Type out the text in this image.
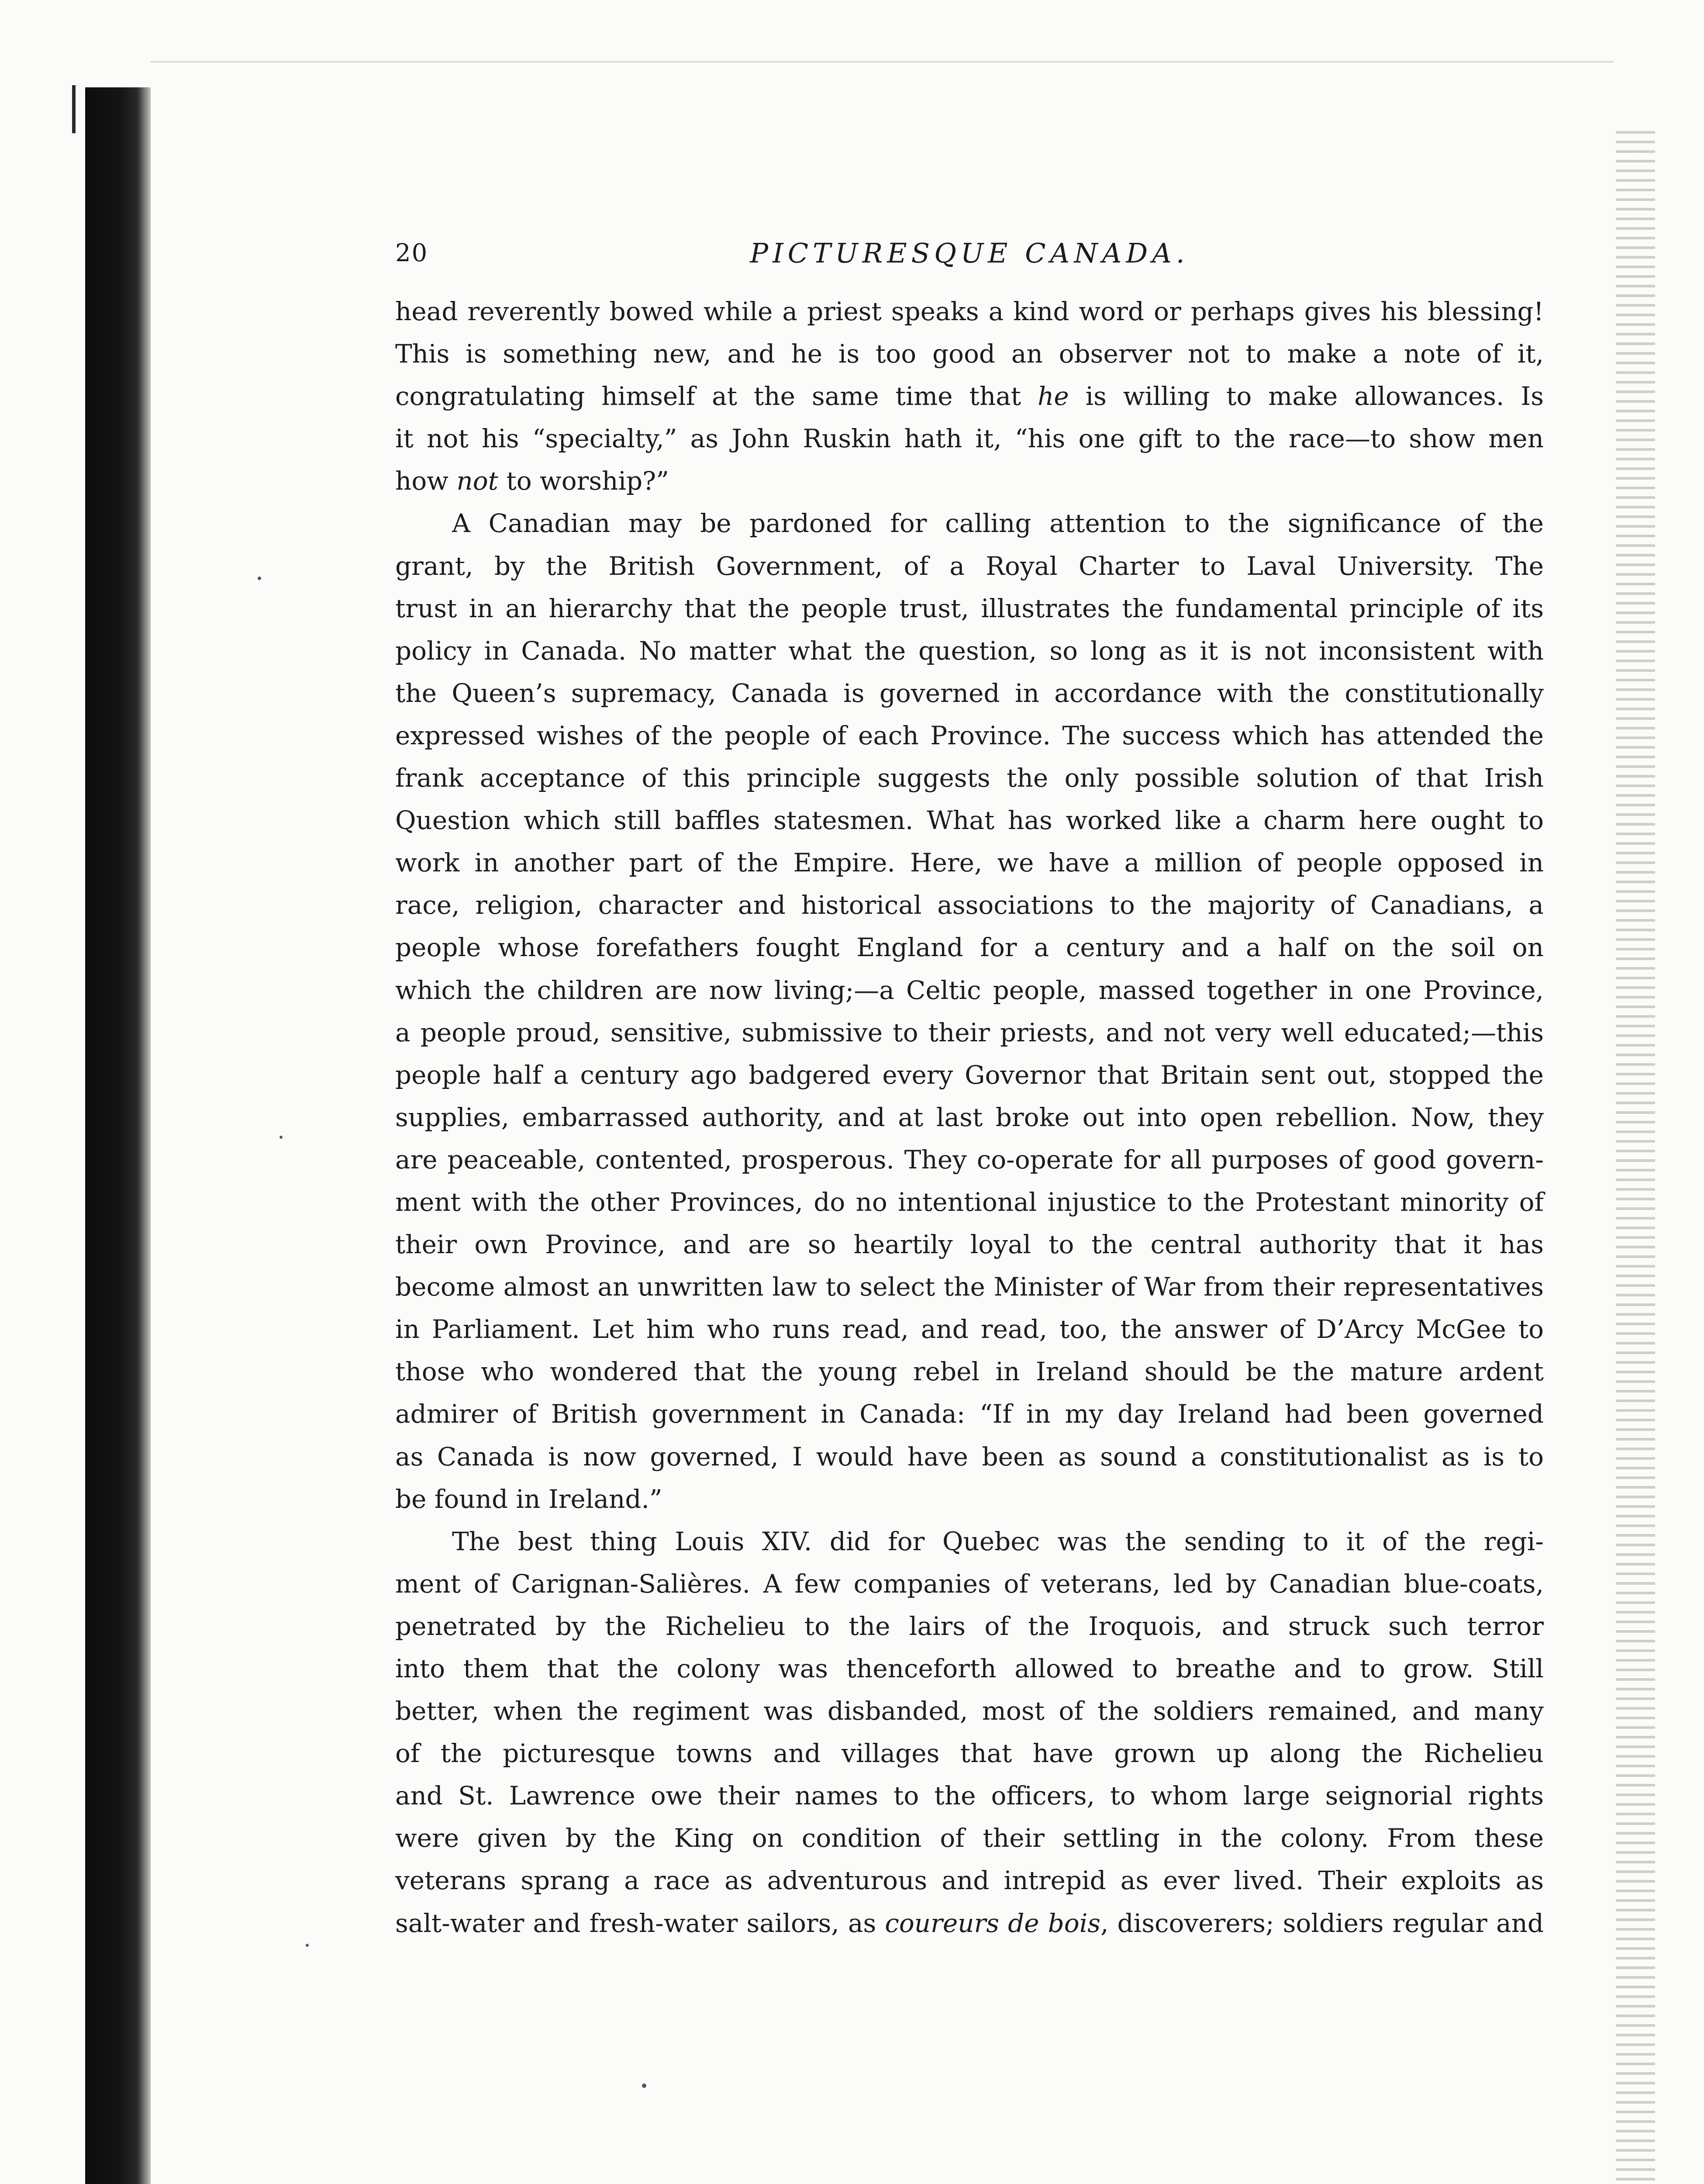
20	PICTURESQUE CANADA.
head reverently bowed while a priest speaks a kind word or perhaps gives his blessing!
This is something new, and he is too good an observer not to make a note of it,
congratulating himself at the same time that he is willing to make allowances. Is
it not his “specialty,” as John Ruskin hath it, “his one gift to the race—to show men
how not to worship?”
A Canadian may be pardoned for calling attention to the significance of the
grant, by the British Government, of a Royal Charter to Laval University. The
trust in an hierarchy that the people trust, illustrates the fundamental principle of its
policy in Canada. No matter what the question, so long as it is not inconsistent with
the Queen’s supremacy, Canada is governed in accordance with the constitutionally
expressed wishes of the people of each Province. The success which has attended the
frank acceptance of this principle suggests the only possible solution of that Irish
Question which still baffles statesmen. What has worked like a charm here ought to
work in another part of the Empire. Here, we have a million of people opposed in
race, religion, character and historical associations to the majority of Canadians, a
people whose forefathers fought England for a century and a half on the soil on
which the children are now living;—a Celtic people, massed together in one Province,
a people proud, sensitive, submissive to their priests, and not very well educated;—this
people half a century ago badgered every Governor that Britain sent out, stopped the
supplies, embarrassed authority, and at last broke out into open rebellion. Now, they
are peaceable, contented, prosperous. They co-operate for all purposes of good govern-
ment with the other Provinces, do no intentional injustice to the Protestant minority of
their own Province, and are so heartily loyal to the central authority that it has
become almost an unwritten law to select the Minister of War from their representatives
in Parliament. Let him who runs read, and read, too, the answer of D’Arcy McGee to
those who wondered that the young rebel in Ireland should be the mature ardent
admirer of British government in Canada: “If in my day Ireland had been governed
as Canada is now governed, I would have been as sound a constitutionalist as is to
be found in Ireland.”
The best thing Louis XIV. did for Quebec was the sending to it of the regi-
ment of Carignan-Salières. A few companies of veterans, led by Canadian blue-coats,
penetrated by the Richelieu to the lairs of the Iroquois, and struck such terror
into them that the colony was thenceforth allowed to breathe and to grow. Still
better, when the regiment was disbanded, most of the soldiers remained, and many
of the picturesque towns and villages that have grown up along the Richelieu
and St. Lawrence owe their names to the officers, to whom large seignorial rights
were given by the King on condition of their settling in the colony. From these
veterans sprang a race as adventurous and intrepid as ever lived. Their exploits as
salt-water and fresh-water sailors, as coureurs de bois, discoverers; soldiers regular and
